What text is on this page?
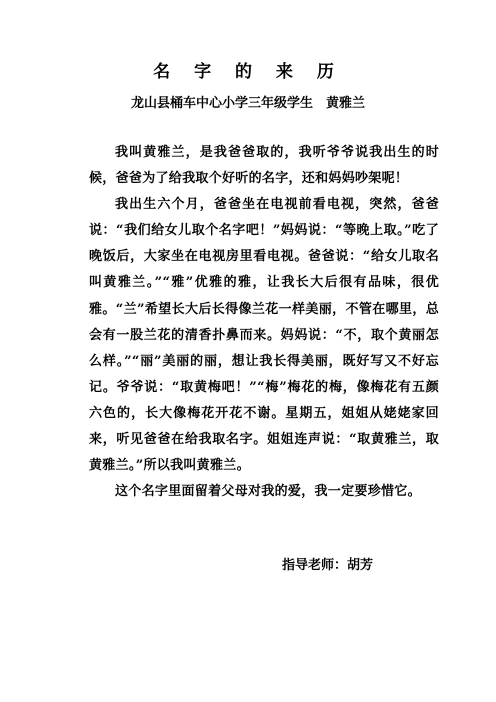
名 字 的 来 历
龙山县桶车中心小学三年级学生　黄雅兰

我叫黄雅兰，是我爸爸取的，我听爷爷说我出生的时候，爸爸为了给我取个好听的名字，还和妈妈吵架呢！

我出生六个月，爸爸坐在电视前看电视，突然，爸爸说：“我们给女儿取个名字吧！”妈妈说：“等晚上取。”吃了晚饭后，大家坐在电视房里看电视。爸爸说：“给女儿取名叫黄雅兰。”“雅”优雅的雅，让我长大后很有品味，很优雅。“兰”希望长大后长得像兰花一样美丽，不管在哪里，总会有一股兰花的清香扑鼻而来。妈妈说：“不，取个黄丽怎么样。”“丽”美丽的丽，想让我长得美丽，既好写又不好忘记。爷爷说：“取黄梅吧！”“梅”梅花的梅，像梅花有五颜六色的，长大像梅花开花不谢。星期五，姐姐从姥姥家回来，听见爸爸在给我取名字。姐姐连声说：“取黄雅兰，取黄雅兰。”所以我叫黄雅兰。

这个名字里面留着父母对我的爱，我一定要珍惜它。

指导老师：胡芳
